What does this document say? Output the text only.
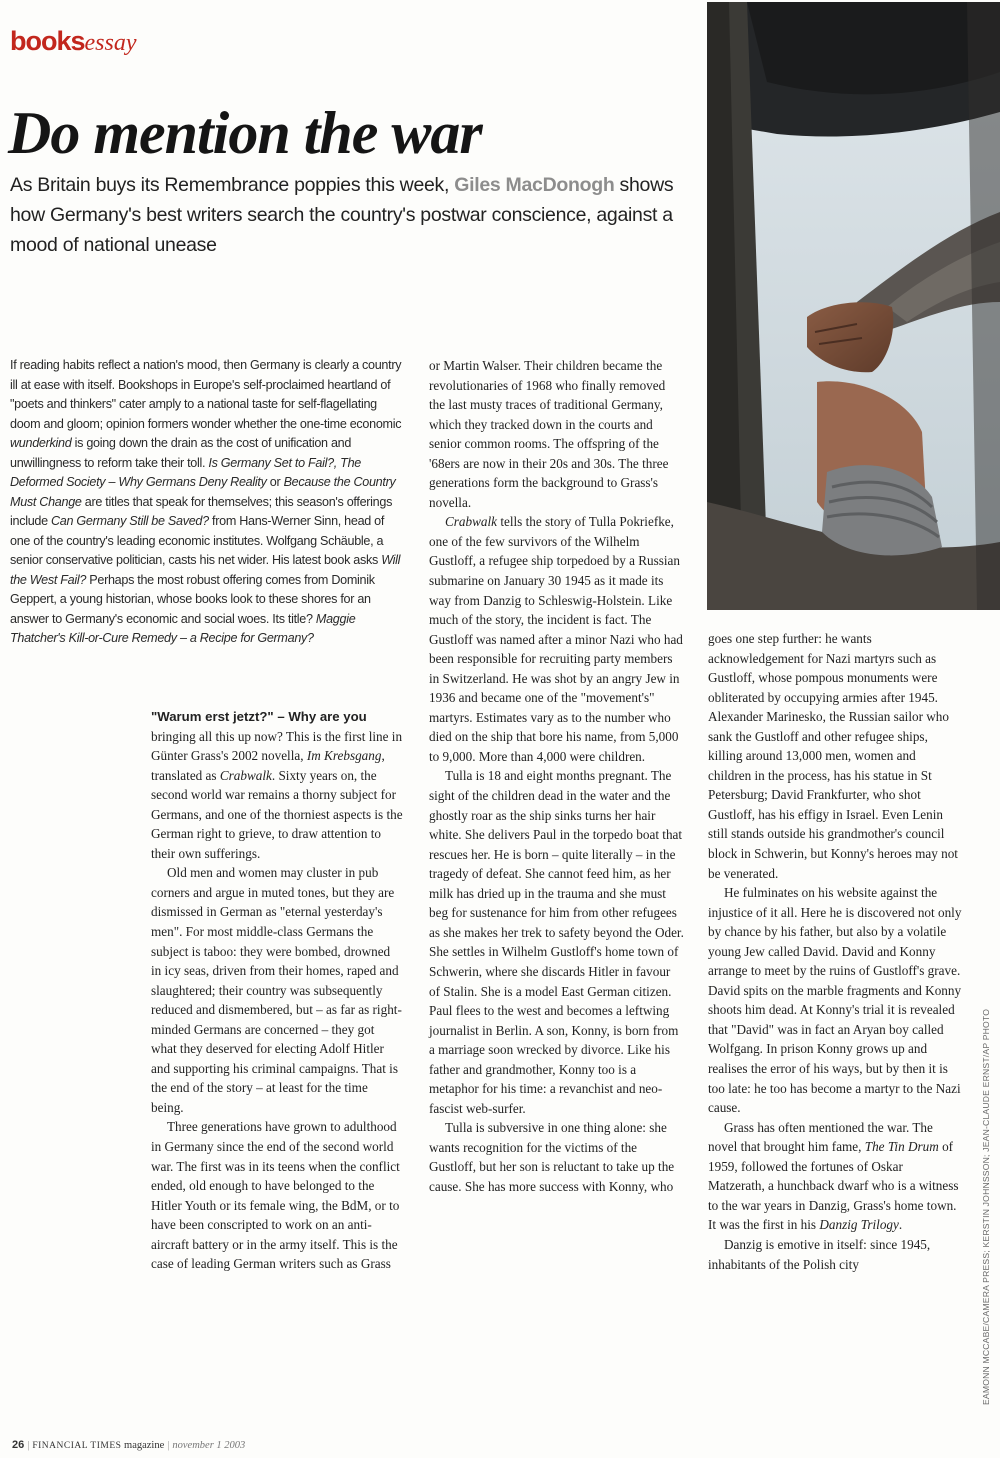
booksessay
Do mention the war

As Britain buys its Remembrance poppies this week, Giles MacDonogh shows how Germany's best writers search the country's postwar conscience, against a mood of national unease

If reading habits reflect a nation's mood, then Germany is clearly a country ill at ease with itself. Bookshops in Europe's self-proclaimed heartland of "poets and thinkers" cater amply to a national taste for self-flagellating doom and gloom; opinion formers wonder whether the one-time economic wunderkind is going down the drain as the cost of unification and unwillingness to reform take their toll. Is Germany Set to Fail?, The Deformed Society – Why Germans Deny Reality or Because the Country Must Change are titles that speak for themselves; this season's offerings include Can Germany Still be Saved? from Hans-Werner Sinn, head of one of the country's leading economic institutes. Wolfgang Schäuble, a senior conservative politician, casts his net wider. His latest book asks Will the West Fail? Perhaps the most robust offering comes from Dominik Geppert, a young historian, whose books look to these shores for an answer to Germany's economic and social woes. Its title? Maggie Thatcher's Kill-or-Cure Remedy – a Recipe for Germany?

"Warum erst jetzt?" – Why are you bringing all this up now? This is the first line in Günter Grass's 2002 novella, Im Krebsgang, translated as Crabwalk. Sixty years on, the second world war remains a thorny subject for Germans, and one of the thorniest aspects is the German right to grieve, to draw attention to their own sufferings.

Old men and women may cluster in pub corners and argue in muted tones, but they are dismissed in German as "eternal yesterday's men". For most middle-class Germans the subject is taboo: they were bombed, drowned in icy seas, driven from their homes, raped and slaughtered; their country was subsequently reduced and dismembered, but – as far as right-minded Germans are concerned – they got what they deserved for electing Adolf Hitler and supporting his criminal campaigns. That is the end of the story – at least for the time being.

Three generations have grown to adulthood in Germany since the end of the second world war. The first was in its teens when the conflict ended, old enough to have belonged to the Hitler Youth or its female wing, the BdM, or to have been conscripted to work on an anti-aircraft battery or in the army itself. This is the case of leading German writers such as Grass

or Martin Walser. Their children became the revolutionaries of 1968 who finally removed the last musty traces of traditional Germany, which they tracked down in the courts and senior common rooms. The offspring of the '68ers are now in their 20s and 30s. The three generations form the background to Grass's novella.

Crabwalk tells the story of Tulla Pokriefke, one of the few survivors of the Wilhelm Gustloff, a refugee ship torpedoed by a Russian submarine on January 30 1945 as it made its way from Danzig to Schleswig-Holstein. Like much of the story, the incident is fact. The Gustloff was named after a minor Nazi who had been responsible for recruiting party members in Switzerland. He was shot by an angry Jew in 1936 and became one of the "movement's" martyrs. Estimates vary as to the number who died on the ship that bore his name, from 5,000 to 9,000. More than 4,000 were children.

Tulla is 18 and eight months pregnant. The sight of the children dead in the water and the ghostly roar as the ship sinks turns her hair white. She delivers Paul in the torpedo boat that rescues her. He is born – quite literally – in the tragedy of defeat. She cannot feed him, as her milk has dried up in the trauma and she must beg for sustenance for him from other refugees as she makes her trek to safety beyond the Oder. She settles in Wilhelm Gustloff's home town of Schwerin, where she discards Hitler in favour of Stalin. She is a model East German citizen. Paul flees to the west and becomes a leftwing journalist in Berlin. A son, Konny, is born from a marriage soon wrecked by divorce. Like his father and grandmother, Konny too is a metaphor for his time: a revanchist and neo-fascist web-surfer.

Tulla is subversive in one thing alone: she wants recognition for the victims of the Gustloff, but her son is reluctant to take up the cause. She has more success with Konny, who

goes one step further: he wants acknowledgement for Nazi martyrs such as Gustloff, whose pompous monuments were obliterated by occupying armies after 1945. Alexander Marinesko, the Russian sailor who sank the Gustloff and other refugee ships, killing around 13,000 men, women and children in the process, has his statue in St Petersburg; David Frankfurter, who shot Gustloff, has his effigy in Israel. Even Lenin still stands outside his grandmother's council block in Schwerin, but Konny's heroes may not be venerated.

He fulminates on his website against the injustice of it all. Here he is discovered not only by chance by his father, but also by a volatile young Jew called David. David and Konny arrange to meet by the ruins of Gustloff's grave. David spits on the marble fragments and Konny shoots him dead. At Konny's trial it is revealed that "David" was in fact an Aryan boy called Wolfgang. In prison Konny grows up and realises the error of his ways, but by then it is too late: he too has become a martyr to the Nazi cause.

Grass has often mentioned the war. The novel that brought him fame, The Tin Drum of 1959, followed the fortunes of Oskar Matzerath, a hunchback dwarf who is a witness to the war years in Danzig, Grass's home town. It was the first in his Danzig Trilogy.

Danzig is emotive in itself: since 1945, inhabitants of the Polish city	EAMONN MCCABE/CAMERA PRESS; KERSTIN JOHNSSON; JEAN-CLAUDE ERNST/AP PHOTO
26 | FINANCIAL TIMES magazine | november 1 2003
